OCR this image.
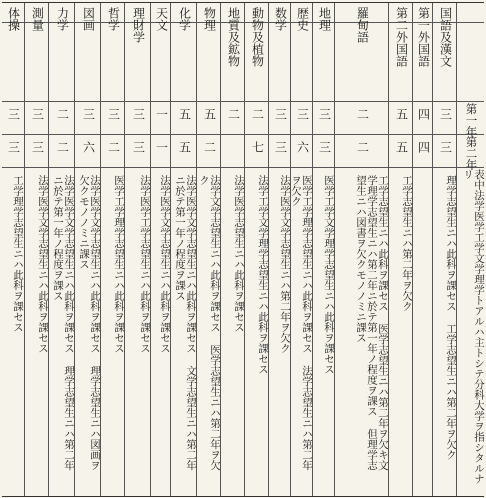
体操
三
三
工学理学志望生ニハ此科ヲ課セス
測量
三
三
法学医学文学志望生ニハ此科ヲ課セス
力学
二
二
法学医学文学志望生ニハ此科ヲ課セス 理学志望生ニハ第二年ニ於テ第一年ノ程度ヲ課ス
図画
三
六
法学医学文学志望生ニハ此科ヲ課セス 理学志望生ニハ図画ヲ欠クモノノミニ課ス
哲学
三
二
医学工学理学志望生ニハ此科ヲ課セス
理財学
三
三
法学医学工学志望生ニハ此科ヲ課セス
天文
一
一
法学医学文学志望生ニハ此科ヲ課セス
化学
五
五
法学医学文学志望生ニハ此科ヲ課セス 文学志望生ニハ第二年ニ於テ第一年ノ程度ヲ課ス
物理
五
二
法学文学志望生ニハ此科ヲ課セス 医学志望生ニハ第二年ヲ欠ク
地質及鉱物
二
法学医学志望生ニハ此科ヲ課セス
動物及植物
二
七
法学工学文学理学志望生ニハ此科ヲ課セス
数学
三
三
法学医学文学志望生ニハ第二年ヲ欠ク
歴史
三
六
医学工学理学志望生ニハ此科ヲ課セス 法学志望生ニハ第二年ヲ欠ク
地理
三
三
医学工学文学理学志望生ニハ此科ヲ課セス
羅甸語
二
二
工学志望生ニハ此科ヲ課セス 医学志望生ニハ第二年ヲ欠キ文学理学志望生ニハ第二年ニ於テ第一年ノ程度ヲ課ス 但理学志望生ニハ図書ヲ欠クモノノミニ課ス
第二外国語
五
五
工学志望生ニハ第二年ヲ欠ク
第一外国語
四
四
国語及漢文
三
三
理学志望生ニハ此科ヲ課セス 工学志望生ニハ第二年ヲ欠ク
第一年
第二年
表中法学医学工学文学理学トアルハ主トシテ分科大学ヲ指シタルナリ
